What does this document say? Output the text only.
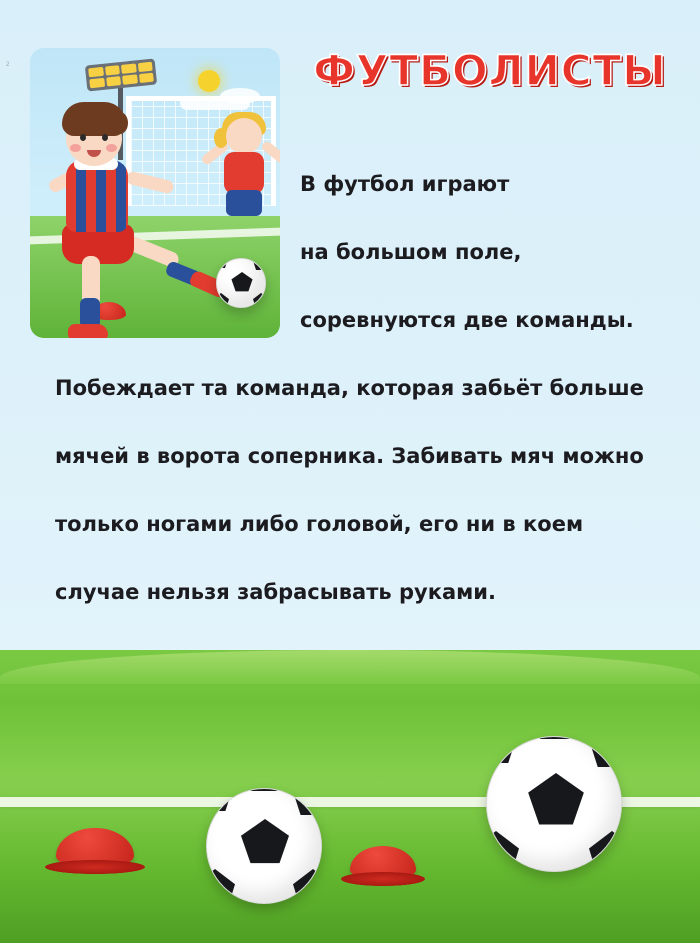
2	ФУТБОЛИСТЫ
В футбол играют
на большом поле,
соревнуются две команды.
Побеждает та команда, которая забьёт больше
мячей в ворота соперника. Забивать мяч можно
только ногами либо головой, его ни в коем
случае нельзя забрасывать руками.
